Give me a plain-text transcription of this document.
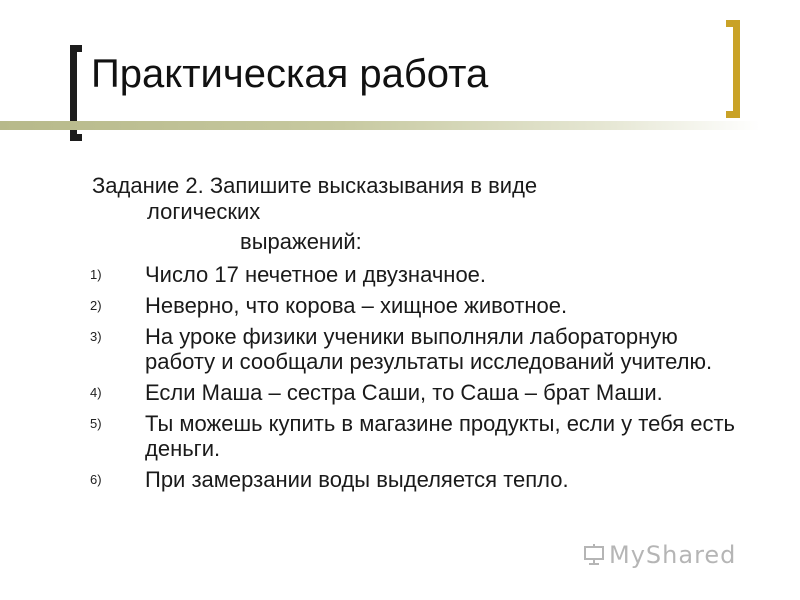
Практическая работа
Задание 2. Запишите высказывания в виде
логических
выражений:
1) Число 17 нечетное и двузначное.
2) Неверно, что корова – хищное животное.
3) На уроке физики ученики выполняли лабораторную работу и сообщали результаты исследований учителю.
4) Если Маша – сестра Саши, то Саша – брат Маши.
5) Ты можешь купить в магазине продукты, если у тебя есть деньги.
6) При замерзании воды выделяется тепло.
MyShared
